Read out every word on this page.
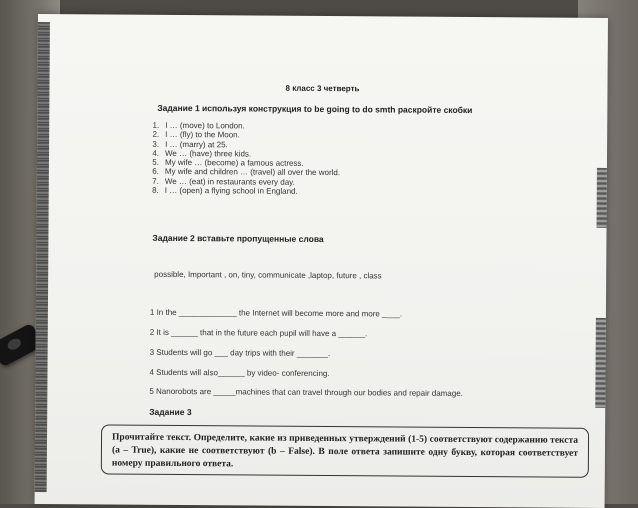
8 класс 3 четверть
Задание 1 используя конструкция to be going to do smth раскройте скобки
1. I … (move) to London.
2. I … (fly) to the Moon.
3. I … (marry) at 25.
4. We … (have) three kids.
5. My wife … (become) a famous actress.
6. My wife and children … (travel) all over the world.
7. We … (eat) in restaurants every day.
8. I … (open) a flying school in England.
Задание 2 вставьте пропущенные слова
possible, Important , on, tiny, communicate ,laptop, future , class
1 In the _____________ the Internet will become more and more ____.
2 It is ______ that in the future each pupil will have a ______.
3 Students will go ___ day trips with their _______.
4 Students will also______ by video- conferencing.
5 Nanorobots are _____machines that can travel through our bodies and repair damage.
Задание 3
Прочитайте текст. Определите, какие из приведенных утверждений (1-5) соответствуют содержанию текста (a – True), какие не соответствуют (b – False). В поле ответа запишите одну букву, которая соответствует номеру правильного ответа.
